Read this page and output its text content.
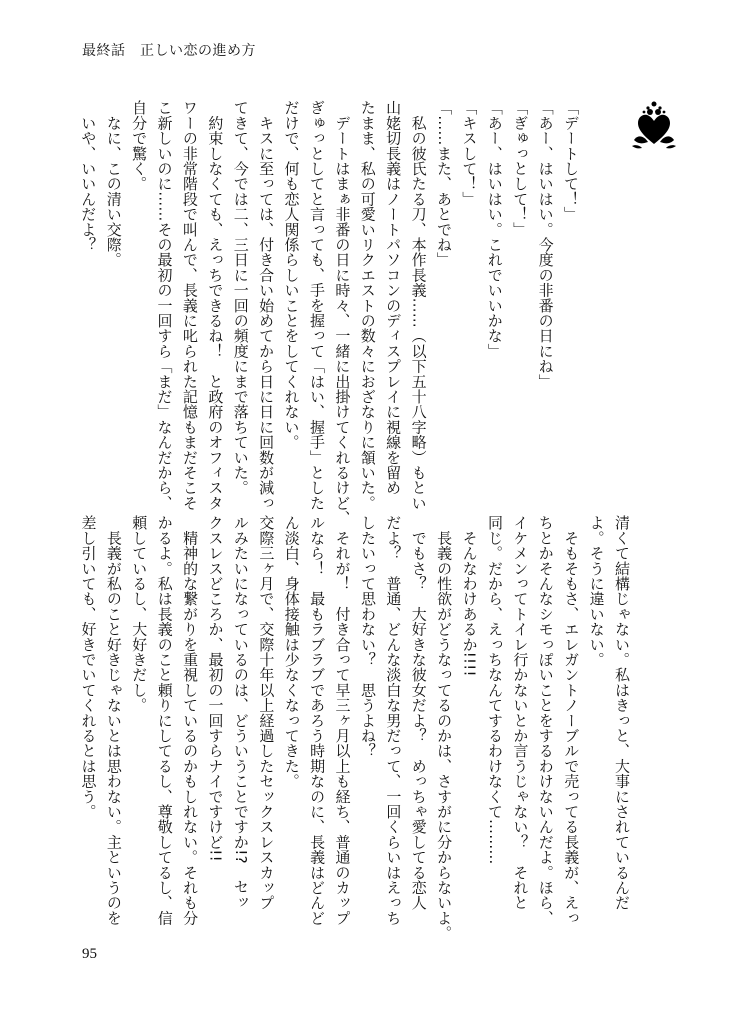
最終話　正しい恋の進め方
「デートして！」
「あー、はいはい。今度の非番の日にね」
「ぎゅっとして！」
「あー、はいはい。これでいいかな」
「キスして！」
「……また、あとでね」
　私の彼氏たる刀、本作長義……（以下五十八字略）もとい
山姥切長義はノートパソコンのディスプレイに視線を留め
たまま、私の可愛いリクエストの数々におざなりに頷いた。
　デートはまぁ非番の日に時々、一緒に出掛けてくれるけど、
ぎゅっとしてと言っても、手を握って「はい、握手」とした
だけで、何も恋人関係らしいことをしてくれない。
　キスに至っては、付き合い始めてから日に日に回数が減っ
てきて、今では二、三日に一回の頻度にまで落ちていた。
　約束しなくても、えっちできるね！　と政府のオフィスタ
ワーの非常階段で叫んで、長義に叱られた記憶もまだそこそ
こ新しいのに……その最初の一回すら「まだ」なんだから、
自分で驚く。
　なに、この清い交際。
　いや、いいんだよ？
清くて結構じゃない。私はきっと、大事にされているんだ
よ。そうに違いない。
　そもそもさ、エレガントノーブルで売ってる長義が、えっ
ちとかそんなシモっぽいことをするわけないんだよ。ほら、
イケメンってトイレ行かないとか言うじゃない？　それと
同じ。だから、えっちなんてするわけなくて………
　そんなわけあるか!!!!
　長義の性欲がどうなってるのかは、さすがに分からないよ。
　でもさ？　大好きな彼女だよ？　めっちゃ愛してる恋人
だよ？　普通、どんな淡白な男だって、一回くらいはえっち
したいって思わない？　思うよね？
　それが！　付き合って早三ヶ月以上も経ち、普通のカップ
ルなら！　最もラブラブであろう時期なのに、長義はどんど
ん淡白、身体接触は少なくなってきた。
交際三ヶ月で、交際十年以上経過したセックスレスカップ
ルみたいになっているのは、どういうことですか!?　セッ
クスレスどころか、最初の一回すらナイですけど!!
　精神的な繋がりを重視しているのかもしれない。それも分
かるよ。私は長義のこと頼りにしてるし、尊敬してるし、信
頼しているし、大好きだし。
　長義が私のこと好きじゃないとは思わない。主というのを
差し引いても、好きでいてくれるとは思う。
95
